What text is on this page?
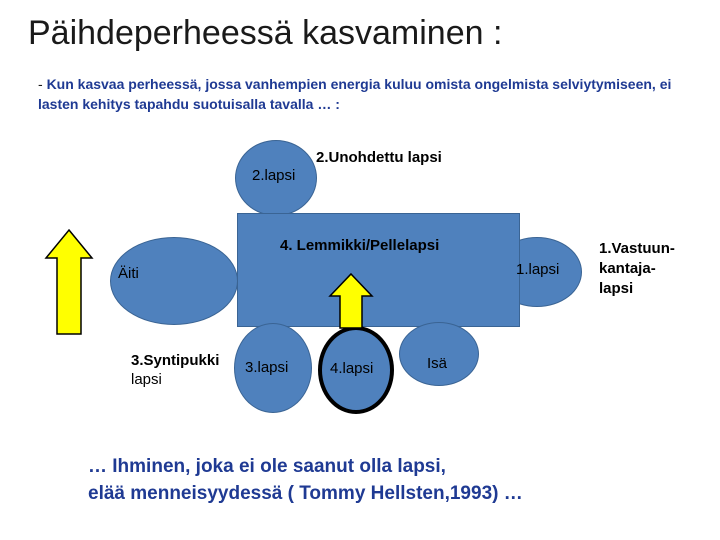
Päihdeperheessä kasvaminen :
- Kun kasvaa perheessä, jossa vanhempien energia kuluu omista ongelmista selviytymiseen, ei lasten kehitys tapahdu suotuisalla tavalla … :
2.lapsi
2.Unohdettu lapsi
4. Lemmikki/Pellelapsi
Äiti	1.lapsi
3.Syntipukki
lapsi
3.lapsi	4.lapsi	Isä
1.Vastuun-
kantaja-
lapsi
… Ihminen, joka ei ole saanut olla lapsi,
elää menneisyydessä ( Tommy Hellsten,1993) …
